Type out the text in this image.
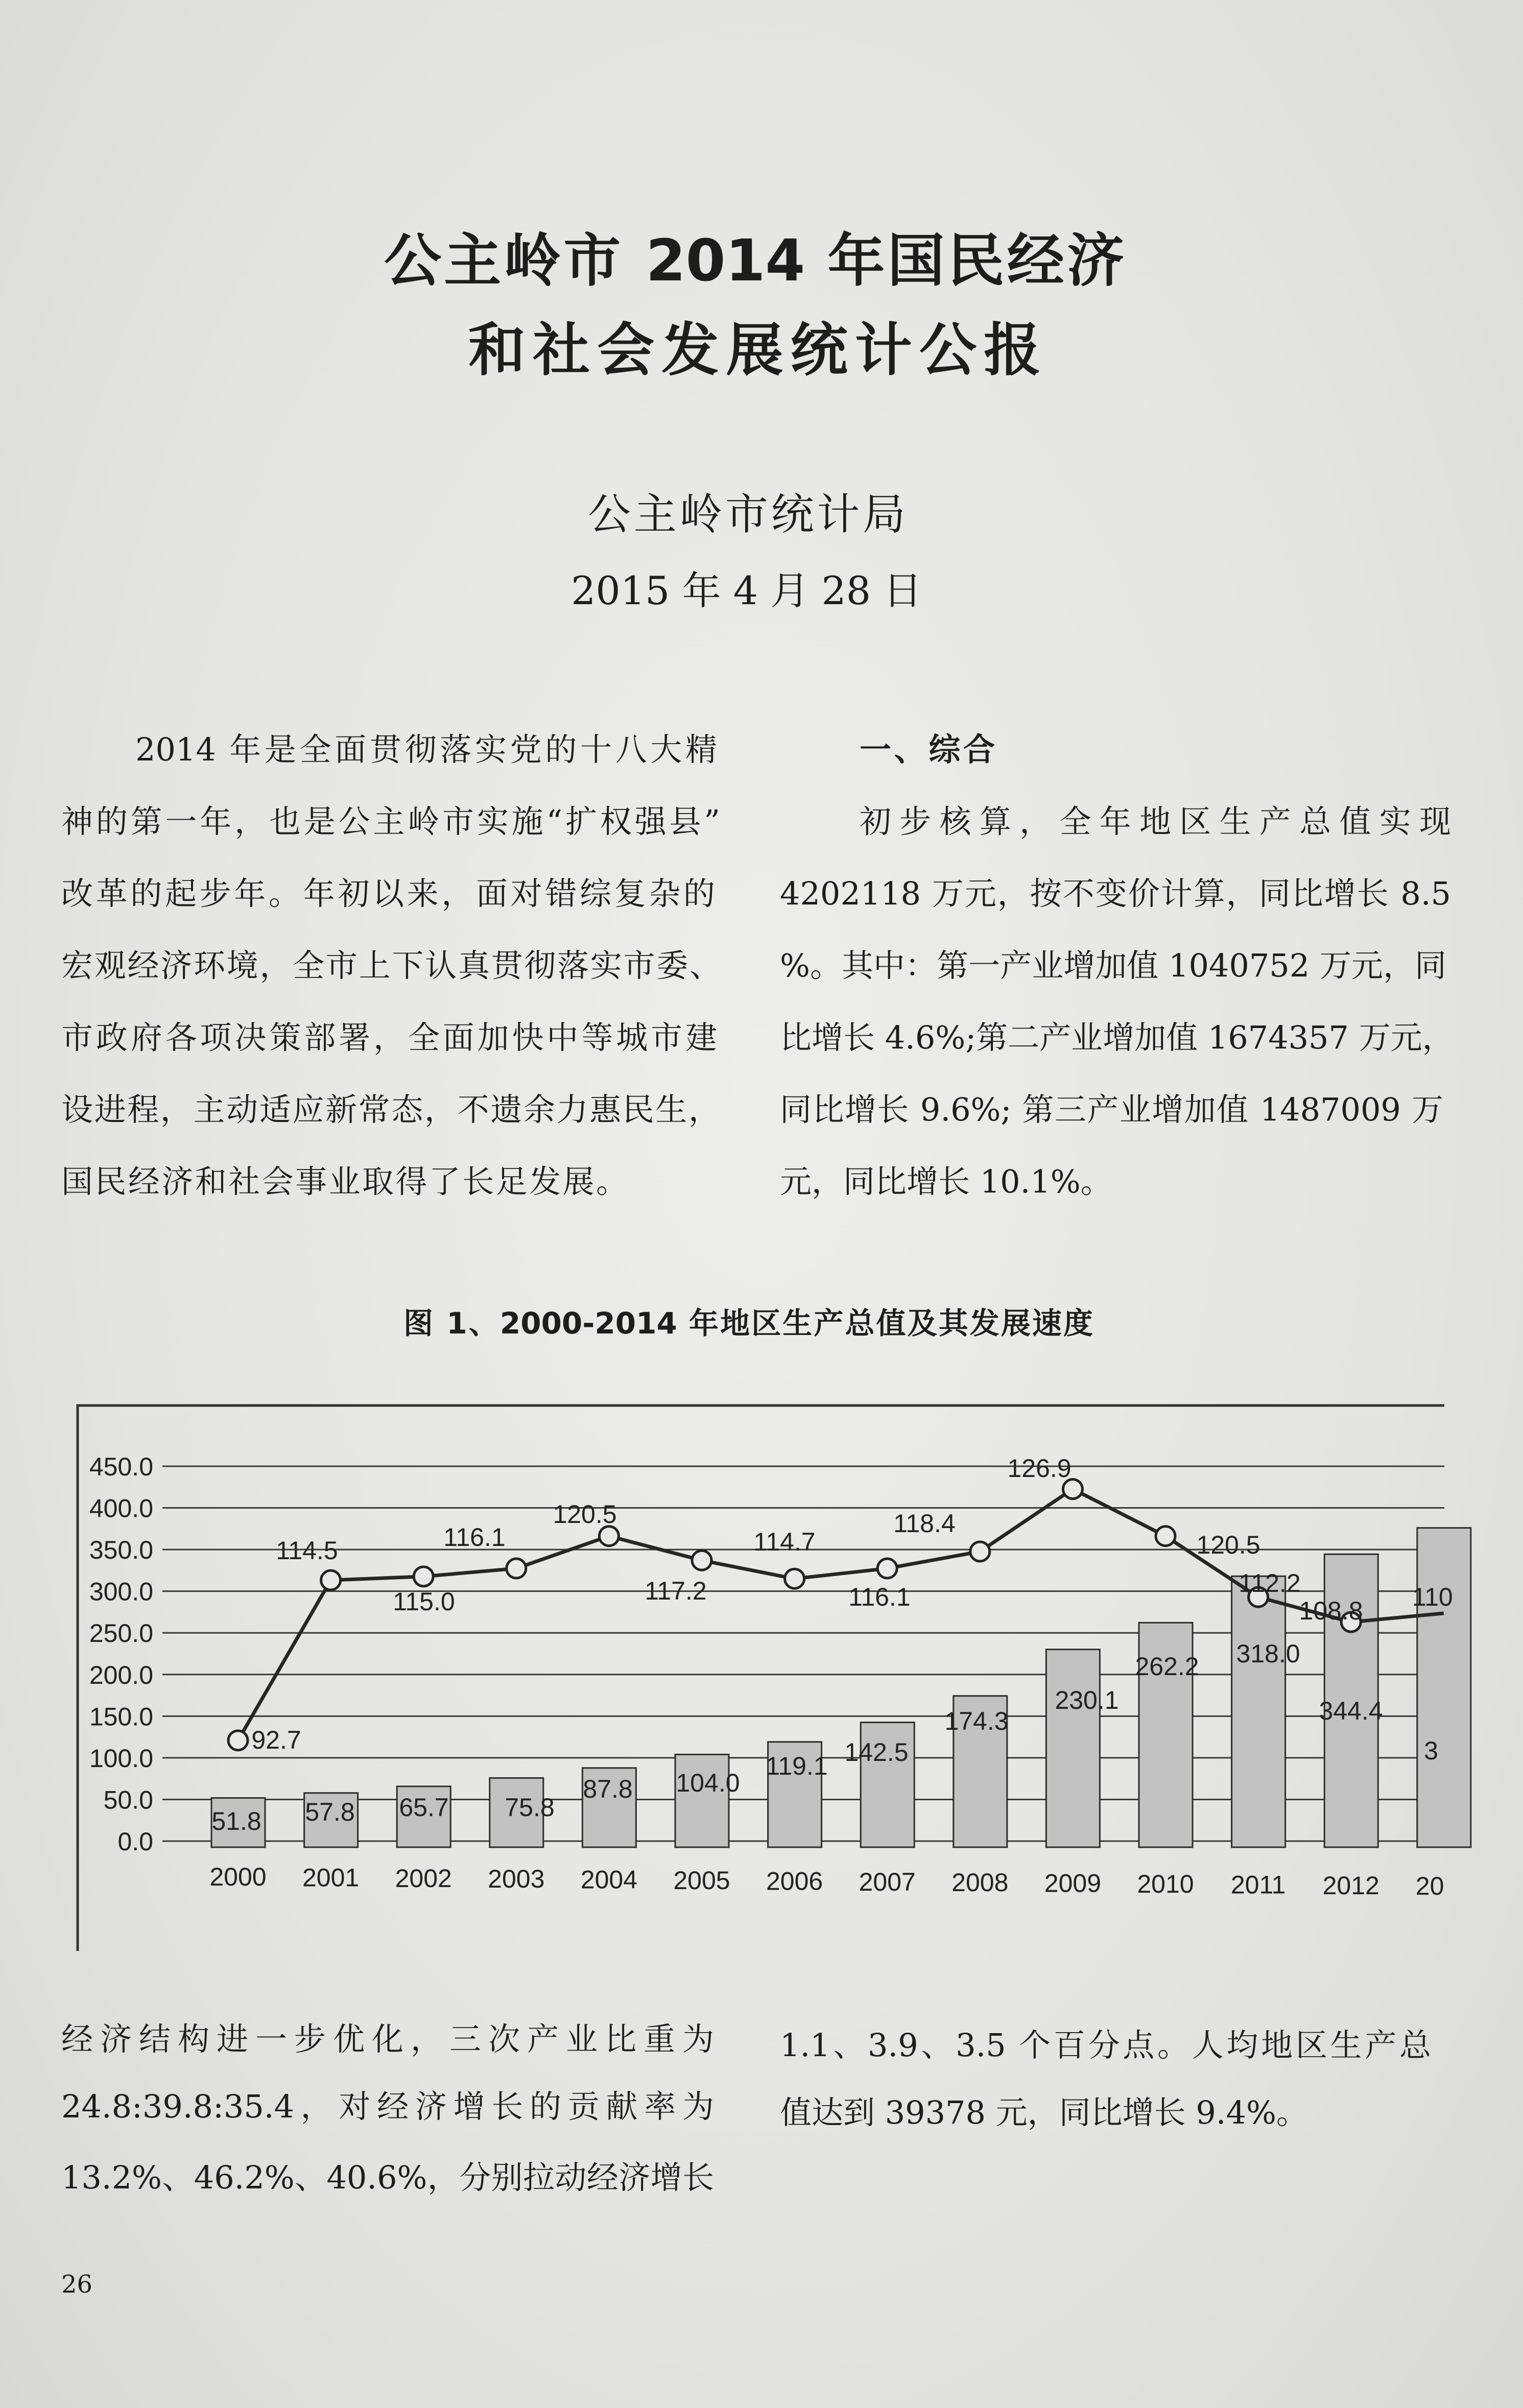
公主岭市 2014 年国民经济
和社会发展统计公报
公主岭市统计局
2015 年 4 月 28 日
2014 年是全面贯彻落实党的十八大精
神的第一年，也是公主岭市实施“扩权强县”
改革的起步年。年初以来，面对错综复杂的
宏观经济环境，全市上下认真贯彻落实市委、
市政府各项决策部署，全面加快中等城市建
设进程，主动适应新常态，不遗余力惠民生，
国民经济和社会事业取得了长足发展。
一、综合
初步核算，全年地区生产总值实现
4202118 万元，按不变价计算，同比增长 8.5
%。其中：第一产业增加值 1040752 万元，同
比增长 4.6%;第二产业增加值 1674357 万元，
同比增长 9.6%; 第三产业增加值 1487009 万
元，同比增长 10.1%。
图 1、2000-2014 年地区生产总值及其发展速度
450.0
400.0
350.0
300.0
250.0
200.0
150.0
100.0
50.0
0.0
51.8 57.8 65.7 75.8
87.8 104.0
119.1 142.5
174.3
230.1
262.2 318.0
344.4
3
92.7
114.5
115.0
116.1
120.5
117.2
114.7
116.1
118.4
126.9
120.5
112.2
108.8 110
2000 2001 2002 2003 2004 2005 2006 2007 2008 2009 2010 2011 2012 20
经济结构进一步优化，三次产业比重为
24.8:39.8:35.4，对经济增长的贡献率为
13.2%、46.2%、40.6%，分别拉动经济增长
1.1、3.9、3.5 个百分点。人均地区生产总
值达到 39378 元，同比增长 9.4%。
26
